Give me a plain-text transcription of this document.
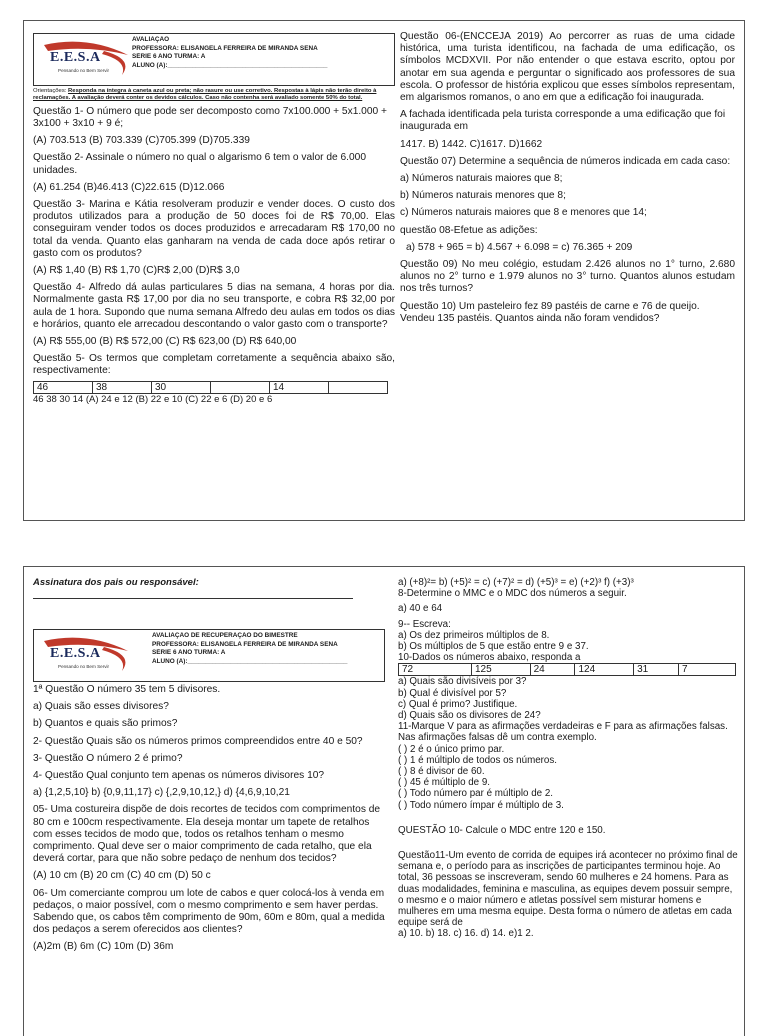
E.E.S.A
Pensando no Bem Servir
AVALIAÇÃO
PROFESSORA: ELISÂNGELA FERREIRA DE MIRANDA SENA
SÉRIE 6 ANO TURMA: A
ALUNO (A):_____________________________________________
Orientações: Responda na íntegra à caneta azul ou preta; não rasure ou use corretivo. Respostas à lápis não terão direito à reclamações. A avaliação deverá conter os devidos cálculos. Caso não contenha será avaliado somente 50% do total.

Questão 1- O número que pode ser decomposto como 7x100.000 + 5x1.000 + 3x100 + 3x10 + 9 é;

(A) 703.513 (B) 703.339 (C)705.399 (D)705.339

Questão 2- Assinale o número no qual o algarismo 6 tem o valor de 6.000 unidades.

(A) 61.254 (B)46.413 (C)22.615 (D)12.066

Questão 3- Marina e Kátia resolveram produzir e vender doces. O custo dos produtos utilizados para a produção de 50 doces foi de R$ 70,00. Elas conseguiram vender todos os doces produzidos e arrecadaram R$ 170,00 no total da venda. Quanto elas ganharam na venda de cada doce após retirar o gasto com os produtos?

(A) R$ 1,40 (B) R$ 1,70 (C)R$ 2,00 (D)R$ 3,0

Questão 4- Alfredo dá aulas particulares 5 dias na semana, 4 horas por dia. Normalmente gasta R$ 17,00 por dia no seu transporte, e cobra R$ 32,00 por aula de 1 hora. Supondo que numa semana Alfredo deu aulas em todos os dias e horários, quanto ele arrecadou descontando o valor gasto com o transporte?

(A) R$ 555,00 (B) R$ 572,00 (C) R$ 623,00 (D) R$ 640,00

Questão 5- Os termos que completam corretamente a sequência abaixo são, respectivamente:

46	38	30		14	

46 38 30 14 (A) 24 e 12 (B) 22 e 10 (C) 22 e 6 (D) 20 e 6

Questão 06-(ENCCEJA 2019) Ao percorrer as ruas de uma cidade histórica, uma turista identificou, na fachada de uma edificação, os símbolos MCDXVII. Por não entender o que estava escrito, optou por anotar em sua agenda e perguntar o significado aos professores de sua escola. O professor de história explicou que esses símbolos representam, em algarismos romanos, o ano em que a edificação foi inaugurada.

A fachada identificada pela turista corresponde a uma edificação que foi inaugurada em

1417. B) 1442. C)1617. D)1662

Questão 07) Determine a sequência de números indicada em cada caso:

a) Números naturais maiores que 8;

b) Números naturais menores que 8;

c) Números naturais maiores que 8 e menores que 14;

questão 08-Efetue as adições:

a) 578 + 965 = b) 4.567 + 6.098 = c) 76.365 + 209

Questão 09) No meu colégio, estudam 2.426 alunos no 1° turno, 2.680 alunos no 2° turno e 1.979 alunos no 3° turno. Quantos alunos estudam nos três turnos?

Questão 10) Um pasteleiro fez 89 pastéis de carne e 76 de queijo. Vendeu 135 pastéis. Quantos ainda não foram vendidos?

Assinatura dos pais ou responsável:
E.E.S.A
Pensando no Bem Servir
AVALIAÇÃO DE RECUPERAÇÃO DO BIMESTRE
PROFESSORA: ELISÂNGELA FERREIRA DE MIRANDA SENA
SÉRIE 6 ANO TURMA: A
ALUNO (A):_____________________________________________

1ª Questão O número 35 tem 5 divisores.

a) Quais são esses divisores?

b) Quantos e quais são primos?

2- Questão Quais são os números primos compreendidos entre 40 e 50?

3- Questão O número 2 é primo?

4- Questão Qual conjunto tem apenas os números divisores 10?

a) {1,2,5,10} b) {0,9,11,17} c) {,2,9,10,12,} d) {4,6,9,10,21

05- Uma costureira dispõe de dois recortes de tecidos com comprimentos de 80 cm e 100cm respectivamente. Ela deseja montar um tapete de retalhos com esses tecidos de modo que, todos os retalhos tenham o mesmo comprimento. Qual deve ser o maior comprimento de cada retalho, que ela deverá cortar, para que não sobre pedaço de nenhum dos tecidos?

(A) 10 cm (B) 20 cm (C) 40 cm (D) 50 c

06- Um comerciante comprou um lote de cabos e quer colocá-los à venda em pedaços, o maior possível, com o mesmo comprimento e sem haver perdas. Sabendo que, os cabos têm comprimento de 90m, 60m e 80m, qual a medida dos pedaços a serem oferecidos aos clientes?

(A)2m (B) 6m (C) 10m (D) 36m

a) (+8)²= b) (+5)² = c) (+7)² = d) (+5)³ = e) (+2)³ f) (+3)³

8-Determine o MMC e o MDC dos números a seguir.

a) 40 e 64

9-- Escreva:

a) Os dez primeiros múltiplos de 8.

b) Os múltiplos de 5 que estão entre 9 e 37.

10-Dados os números abaixo, responda a

72	125	24	124	31	7

a) Quais são divisíveis por 3?

b) Qual é divisível por 5?

c) Qual é primo? Justifique.

d) Quais são os divisores de 24?

11-Marque V para as afirmações verdadeiras e F para as afirmações falsas. Nas afirmações falsas dê um contra exemplo.

( ) 2 é o único primo par.

( ) 1 é múltiplo de todos os números.

( ) 8 é divisor de 60.

( ) 45 é múltiplo de 9.

( ) Todo número par é múltiplo de 2.

( ) Todo número ímpar é múltiplo de 3.

QUESTÃO 10- Calcule o MDC entre 120 e 150.

Questão11-Um evento de corrida de equipes irá acontecer no próximo final de semana e, o período para as inscrições de participantes terminou hoje. Ao total, 36 pessoas se inscreveram, sendo 60 mulheres e 24 homens. Para as duas modalidades, feminina e masculina, as equipes devem possuir sempre, o mesmo e o maior número e atletas possível sem misturar homens e mulheres em uma mesma equipe. Desta forma o número de atletas em cada equipe será de

a) 10. b) 18. c) 16. d) 14. e)1 2.
